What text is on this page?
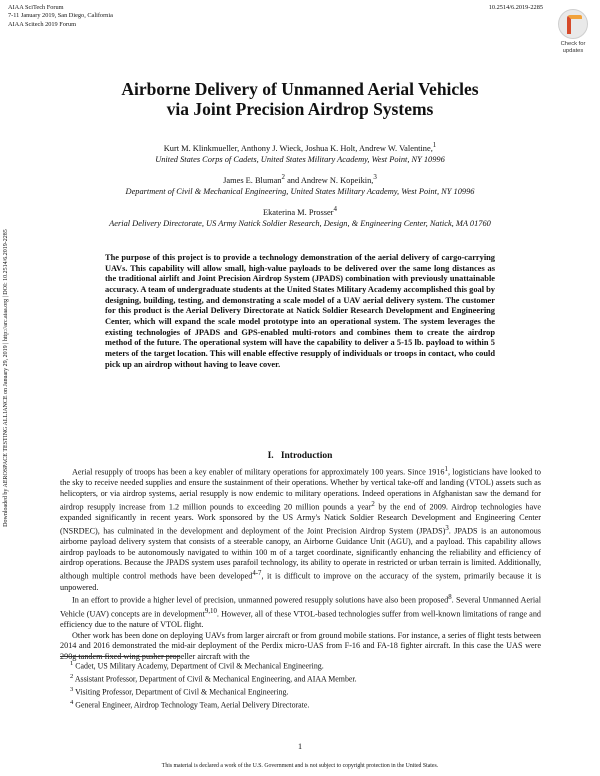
AIAA SciTech Forum
7-11 January 2019, San Diego, California
AIAA Scitech 2019 Forum
10.2514/6.2019-2285
Check for
updates
Downloaded by AEROSPACE TESTING ALLIANCE on January 29, 2019 | http://arc.aiaa.org | DOI: 10.2514/6.2019-2285
Airborne Delivery of Unmanned Aerial Vehicles
via Joint Precision Airdrop Systems
Kurt M. Klinkmueller, Anthony J. Wieck, Joshua K. Holt, Andrew W. Valentine,$^1$
United States Corps of Cadets, United States Military Academy, West Point, NY 10996
James E. Bluman$^2$ and Andrew N. Kopeikin,$^3$
Department of Civil & Mechanical Engineering, United States Military Academy, West Point, NY 10996
Ekaterina M. Prosser$^4$
Aerial Delivery Directorate, US Army Natick Soldier Research, Design, & Engineering Center, Natick, MA 01760
The purpose of this project is to provide a technology demonstration of the aerial delivery of cargo-carrying UAVs. This capability will allow small, high-value payloads to be delivered over the same long distances as the traditional airlift and Joint Precision Airdrop System (JPADS) combination with previously unattainable accuracy. A team of undergraduate students at the United States Military Academy accomplished this goal by designing, building, testing, and demonstrating a scale model of a UAV aerial delivery system. The customer for this product is the Aerial Delivery Directorate at Natick Soldier Research Development and Engineering Center, which will expand the scale model prototype into an operational system. The system leverages the existing technologies of JPADS and GPS-enabled multi-rotors and combines them to create the airdrop method of the future. The operational system will have the capability to deliver a 5-15 lb. payload to within 5 meters of the target location. This will enable effective resupply of individuals or troops in contact, who could pick up an airdrop without having to leave cover.
I. Introduction

Aerial resupply of troops has been a key enabler of military operations for approximately 100 years. Since 1916$^1$, logisticians have looked to the sky to receive needed supplies and ensure the sustainment of their operations. Whether by vertical take-off and landing (VTOL) assets such as helicopters, or via airdrop systems, aerial resupply is now endemic to military operations. Indeed operations in Afghanistan saw the demand for airdrop resupply increase from 1.2 million pounds to exceeding 20 million pounds a year$^2$ by the end of 2009. Airdrop technologies have expanded significantly in recent years. Work sponsored by the US Army's Natick Soldier Research Development and Engineering Center (NSRDEC), has culminated in the development and deployment of the Joint Precision Airdrop System (JPADS)$^3$. JPADS is an autonomous airborne payload delivery system that consists of a steerable canopy, an Airborne Guidance Unit (AGU), and a payload. This capability allows airdrop payloads to be autonomously navigated to within 100 m of a target coordinate, significantly enhancing the reliability and efficiency of airdrop operations. Because the JPADS system uses parafoil technology, its ability to operate in restricted or urban terrain is limited. Additionally, although multiple control methods have been developed$^{4-7}$, it is difficult to improve on the accuracy of the system, primarily because it is unpowered.

In an effort to provide a higher level of precision, unmanned powered resupply solutions have also been proposed$^8$. Several Unmanned Aerial Vehicle (UAV) concepts are in development$^{9,10}$. However, all of these VTOL-based technologies suffer from well-known limitations of range and efficiency due to the nature of VTOL flight.

Other work has been done on deploying UAVs from larger aircraft or from ground mobile stations. For instance, a series of flight tests between 2014 and 2016 demonstrated the mid-air deployment of the Perdix micro-UAS from F-16 and FA-18 fighter aircraft. In this case the UAS were 290g tandem fixed wing pusher propeller aircraft with the

$^1$ Cadet, US Military Academy, Department of Civil & Mechanical Engineering.
$^2$ Assistant Professor, Department of Civil & Mechanical Engineering, and AIAA Member.
$^3$ Visiting Professor, Department of Civil & Mechanical Engineering.
$^4$ General Engineer, Airdrop Technology Team, Aerial Delivery Directorate.
1
This material is declared a work of the U.S. Government and is not subject to copyright protection in the United States.
